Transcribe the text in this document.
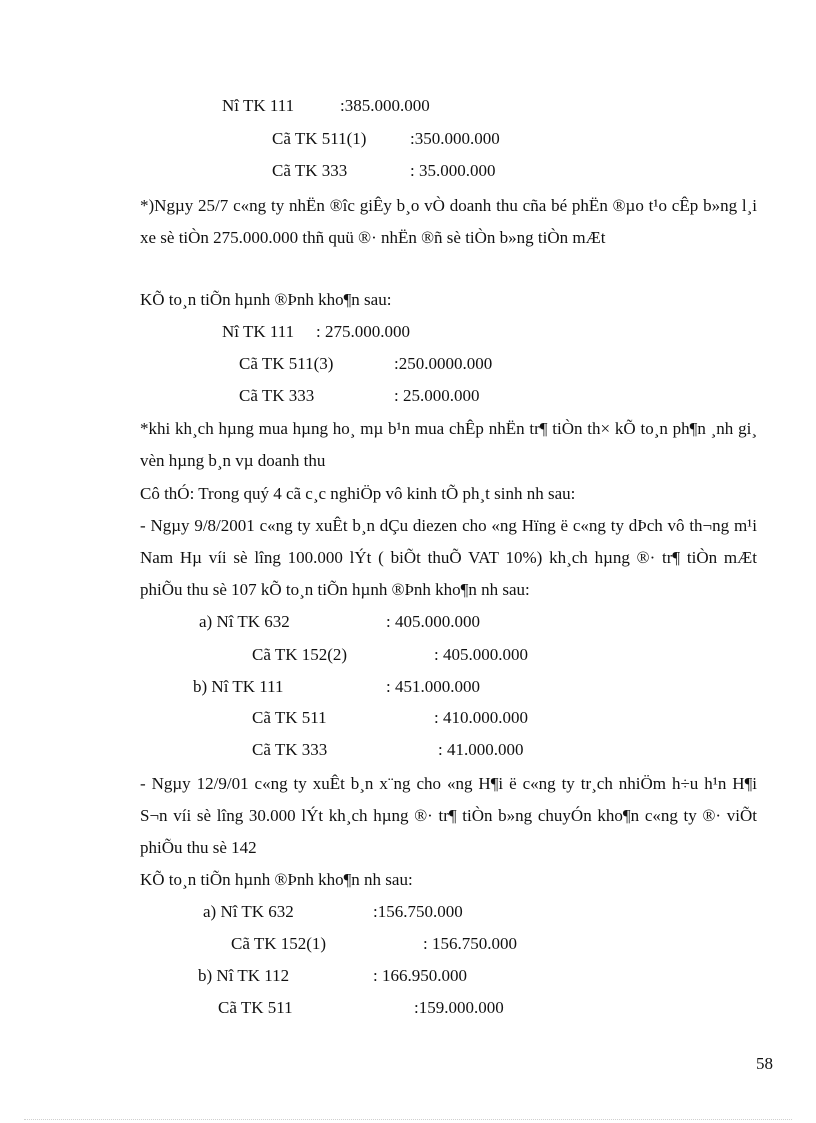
Nî TK 111	:385.000.000
Cã TK 511(1)	:350.000.000
Cã TK 333	: 35.000.000
*)Ngµy 25/7 c«ng ty nhËn ®îc giÊy b¸o vÒ doanh thu cña bé phËn ®µo t¹o cÊp b»ng l¸i xe sè tiÒn 275.000.000 thñ quü ®· nhËn ®ñ sè tiÒn b»ng tiÒn mÆt
KÕ to¸n tiÕn hµnh ®Þnh kho¶n sau:
Nî TK 111 : 275.000.000
Cã TK 511(3)	:250.0000.000
Cã TK 333	: 25.000.000
*khi kh¸ch hµng mua hµng ho¸ mµ b¹n mua chÊp nhËn tr¶ tiÒn th× kÕ to¸n ph¶n ¸nh gi¸ vèn hµng b¸n vµ doanh thu
Cô thÓ: Trong quý 4 cã c¸c nghiÖp vô kinh tÕ ph¸t sinh nh sau:
- Ngµy 9/8/2001 c«ng ty xuÊt b¸n dÇu diezen cho «ng Hïng ë c«ng ty dÞch vô th¬ng m¹i Nam Hµ víi sè lîng 100.000 lÝt ( biÕt thuÕ VAT 10%) kh¸ch hµng ®· tr¶ tiÒn mÆt phiÕu thu sè 107 kÕ to¸n tiÕn hµnh ®Þnh kho¶n nh sau:
a) Nî TK 632	: 405.000.000
Cã TK 152(2)	: 405.000.000
b) Nî TK 111	: 451.000.000
Cã TK 511	: 410.000.000
Cã TK 333	: 41.000.000
- Ngµy 12/9/01 c«ng ty xuÊt b¸n x¨ng cho «ng H¶i ë c«ng ty tr¸ch nhiÖm h÷u h¹n H¶i S¬n víi sè lîng 30.000 lÝt kh¸ch hµng ®· tr¶ tiÒn b»ng chuyÓn kho¶n c«ng ty ®· viÕt phiÕu thu sè 142
KÕ to¸n tiÕn hµnh ®Þnh kho¶n nh sau:
a) Nî TK 632	:156.750.000
Cã TK 152(1)	: 156.750.000
b) Nî TK 112	: 166.950.000
Cã TK 511	:159.000.000
58
